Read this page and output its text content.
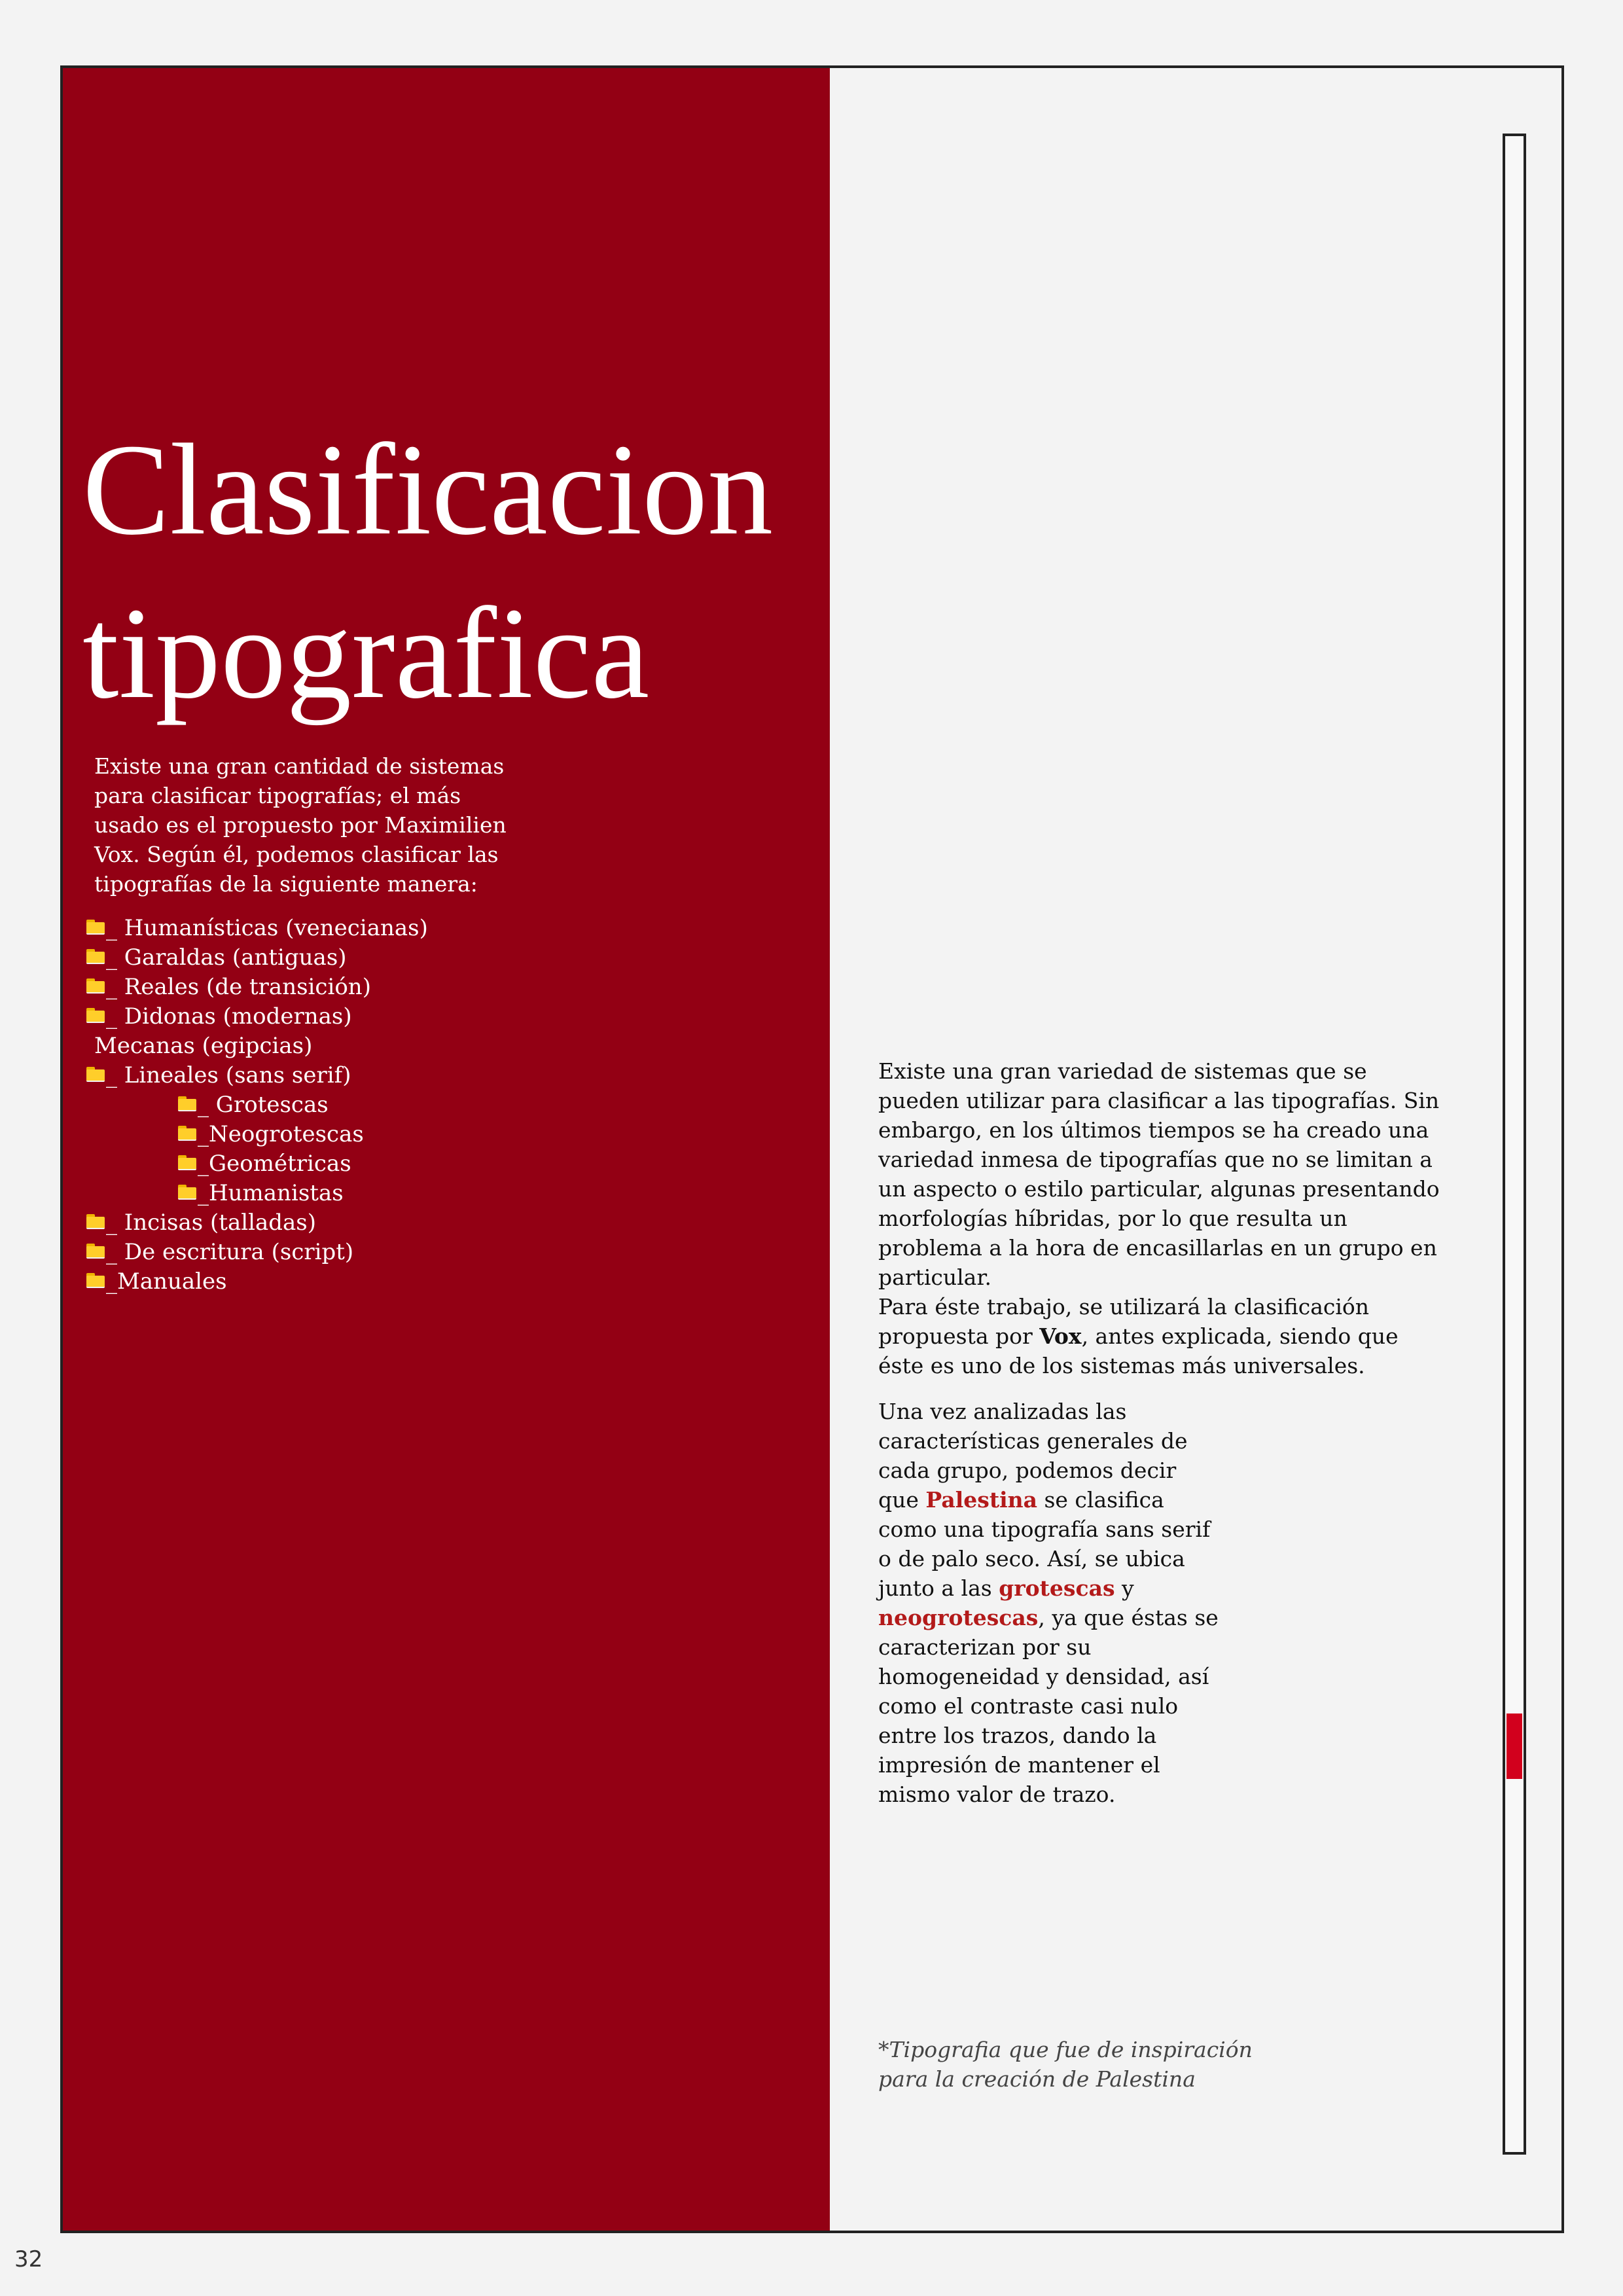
Clasificacion
tipografica

Existe una gran cantidad de sistemas para clasificar tipografías; el más usado es el propuesto por Maximilien Vox. Según él, podemos clasificar las tipografías de la siguiente manera:

_ Humanísticas (venecianas)
_ Garaldas (antiguas)
_ Reales (de transición)
_ Didonas (modernas)
Mecanas (egipcias)
_ Lineales (sans serif)
_ Grotescas
_Neogrotescas
_Geométricas
_Humanistas
_ Incisas (talladas)
_ De escritura (script)
_Manuales

Existe una gran variedad de sistemas que se pueden utilizar para clasificar a las tipografías. Sin embargo, en los últimos tiempos se ha creado una variedad inmesa de tipografías que no se limitan a un aspecto o estilo particular, algunas presentando morfologías híbridas, por lo que resulta un problema a la hora de encasillarlas en un grupo en particular.
Para éste trabajo, se utilizará la clasificación propuesta por Vox, antes explicada, siendo que éste es uno de los sistemas más universales.

Una vez analizadas las características generales de cada grupo, podemos decir que Palestina se clasifica como una tipografía sans serif o de palo seco. Así, se ubica junto a las grotescas y neogrotescas, ya que éstas se caracterizan por su homogeneidad y densidad, así como el contraste casi nulo entre los trazos, dando la impresión de mantener el mismo valor de trazo.

*Tipografia que fue de inspiración
para la creación de Palestina

32
